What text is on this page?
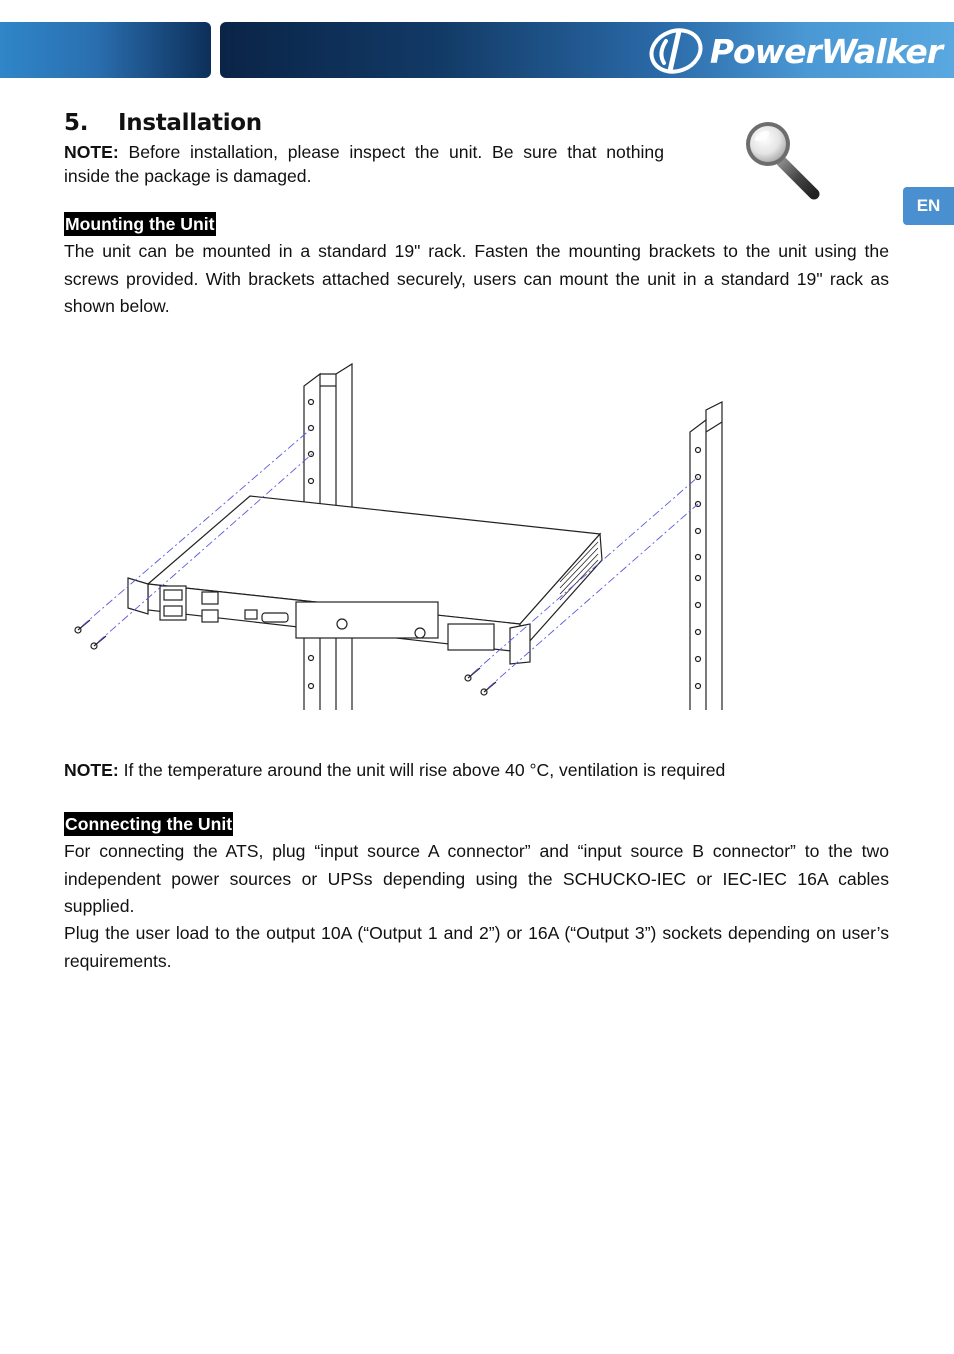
PowerWalker
EN
5. Installation
NOTE: Before installation, please inspect the unit. Be sure that nothing inside the package is damaged.
Mounting the Unit
The unit can be mounted in a standard 19" rack. Fasten the mounting brackets to the unit using the screws provided. With brackets attached securely, users can mount the unit in a standard 19" rack as shown below.
NOTE: If the temperature around the unit will rise above 40 °C, ventilation is required
Connecting the Unit
For connecting the ATS, plug “input source A connector” and “input source B connector” to the two independent power sources or UPSs depending using the SCHUCKO-IEC or IEC-IEC 16A cables supplied.
Plug the user load to the output 10A (“Output 1 and 2”) or 16A (“Output 3”) sockets depending on user’s requirements.
